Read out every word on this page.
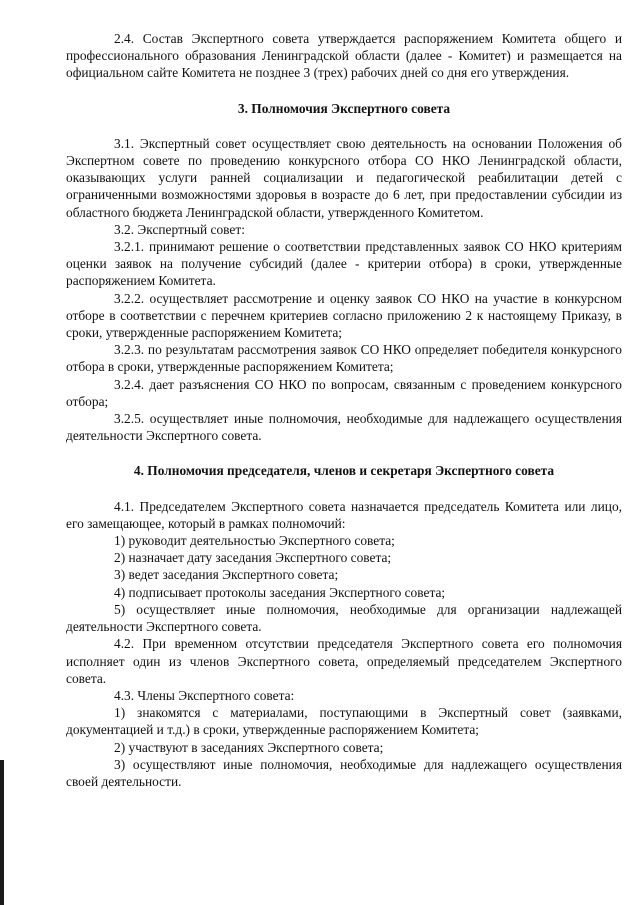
2.4. Состав Экспертного совета утверждается распоряжением Комитета общего и профессионального образования Ленинградской области (далее - Комитет) и размещается на официальном сайте Комитета не позднее 3 (трех) рабочих дней со дня его утверждения.

3. Полномочия Экспертного совета

3.1. Экспертный совет осуществляет свою деятельность на основании Положения об Экспертном совете по проведению конкурсного отбора СО НКО Ленинградской области, оказывающих услуги ранней социализации и педагогической реабилитации детей с ограниченными возможностями здоровья в возрасте до 6 лет, при предоставлении субсидии из областного бюджета Ленинградской области, утвержденного Комитетом.

3.2. Экспертный совет:

3.2.1. принимают решение о соответствии представленных заявок СО НКО критериям оценки заявок на получение субсидий (далее - критерии отбора) в сроки, утвержденные распоряжением Комитета.

3.2.2. осуществляет рассмотрение и оценку заявок СО НКО на участие в конкурсном отборе в соответствии с перечнем критериев согласно приложению 2 к настоящему Приказу, в сроки, утвержденные распоряжением Комитета;

3.2.3. по результатам рассмотрения заявок СО НКО определяет победителя конкурсного отбора в сроки, утвержденные распоряжением Комитета;

3.2.4. дает разъяснения СО НКО по вопросам, связанным с проведением конкурсного отбора;

3.2.5. осуществляет иные полномочия, необходимые для надлежащего осуществления деятельности Экспертного совета.

4. Полномочия председателя, членов и секретаря Экспертного совета

4.1. Председателем Экспертного совета назначается председатель Комитета или лицо, его замещающее, который в рамках полномочий:

1) руководит деятельностью Экспертного совета;

2) назначает дату заседания Экспертного совета;

3) ведет заседания Экспертного совета;

4) подписывает протоколы заседания Экспертного совета;

5) осуществляет иные полномочия, необходимые для организации надлежащей деятельности Экспертного совета.

4.2. При временном отсутствии председателя Экспертного совета его полномочия исполняет один из членов Экспертного совета, определяемый председателем Экспертного совета.

4.3. Члены Экспертного совета:

1) знакомятся с материалами, поступающими в Экспертный совет (заявками, документацией и т.д.) в сроки, утвержденные распоряжением Комитета;

2) участвуют в заседаниях Экспертного совета;

3) осуществляют иные полномочия, необходимые для надлежащего осуществления своей деятельности.
